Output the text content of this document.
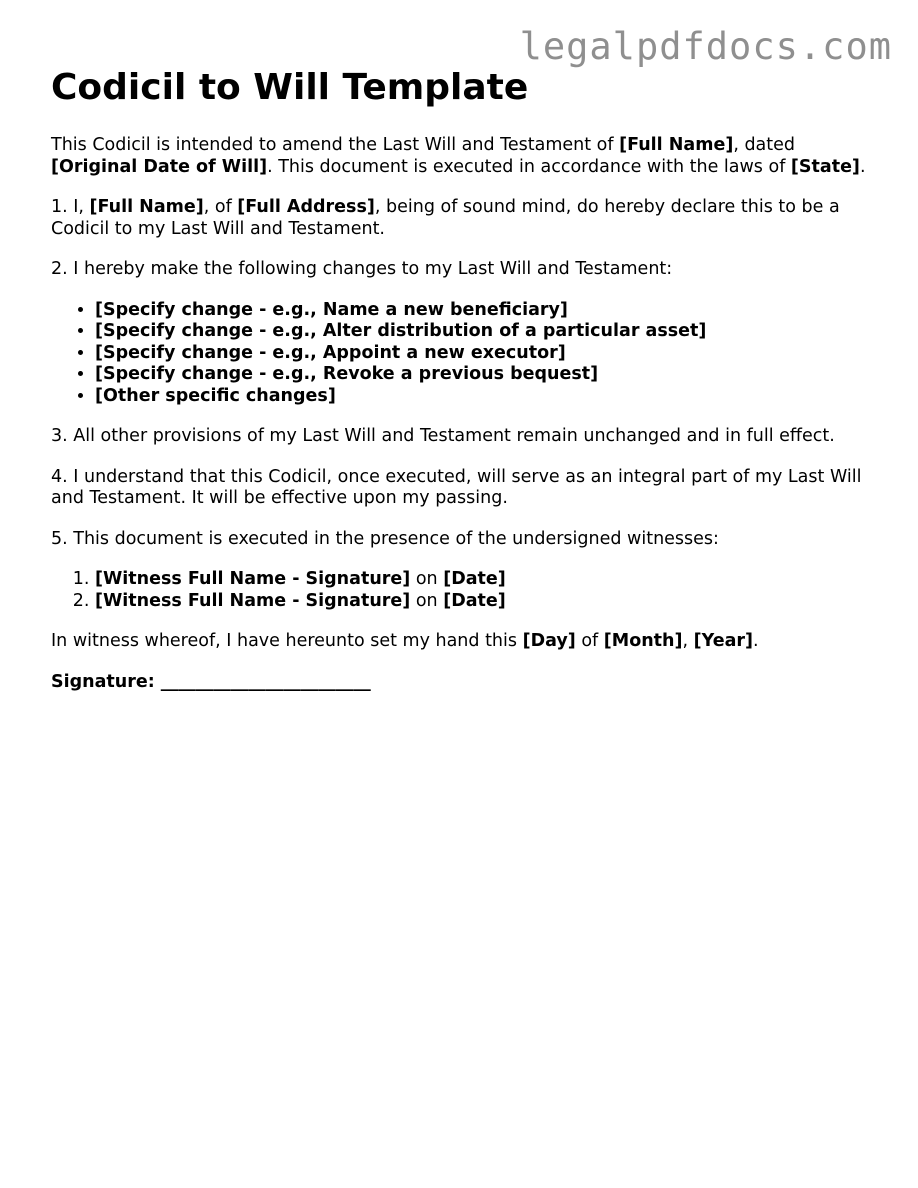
legalpdfdocs.com
Codicil to Will Template

This Codicil is intended to amend the Last Will and Testament of [Full Name], dated [Original Date of Will]. This document is executed in accordance with the laws of [State].

1. I, [Full Name], of [Full Address], being of sound mind, do hereby declare this to be a Codicil to my Last Will and Testament.

2. I hereby make the following changes to my Last Will and Testament:

• [Specify change - e.g., Name a new beneficiary]
• [Specify change - e.g., Alter distribution of a particular asset]
• [Specify change - e.g., Appoint a new executor]
• [Specify change - e.g., Revoke a previous bequest]
• [Other specific changes]

3. All other provisions of my Last Will and Testament remain unchanged and in full effect.

4. I understand that this Codicil, once executed, will serve as an integral part of my Last Will and Testament. It will be effective upon my passing.

5. This document is executed in the presence of the undersigned witnesses:

1. [Witness Full Name - Signature] on [Date]
2. [Witness Full Name - Signature] on [Date]

In witness whereof, I have hereunto set my hand this [Day] of [Month], [Year].

Signature: ________________________
